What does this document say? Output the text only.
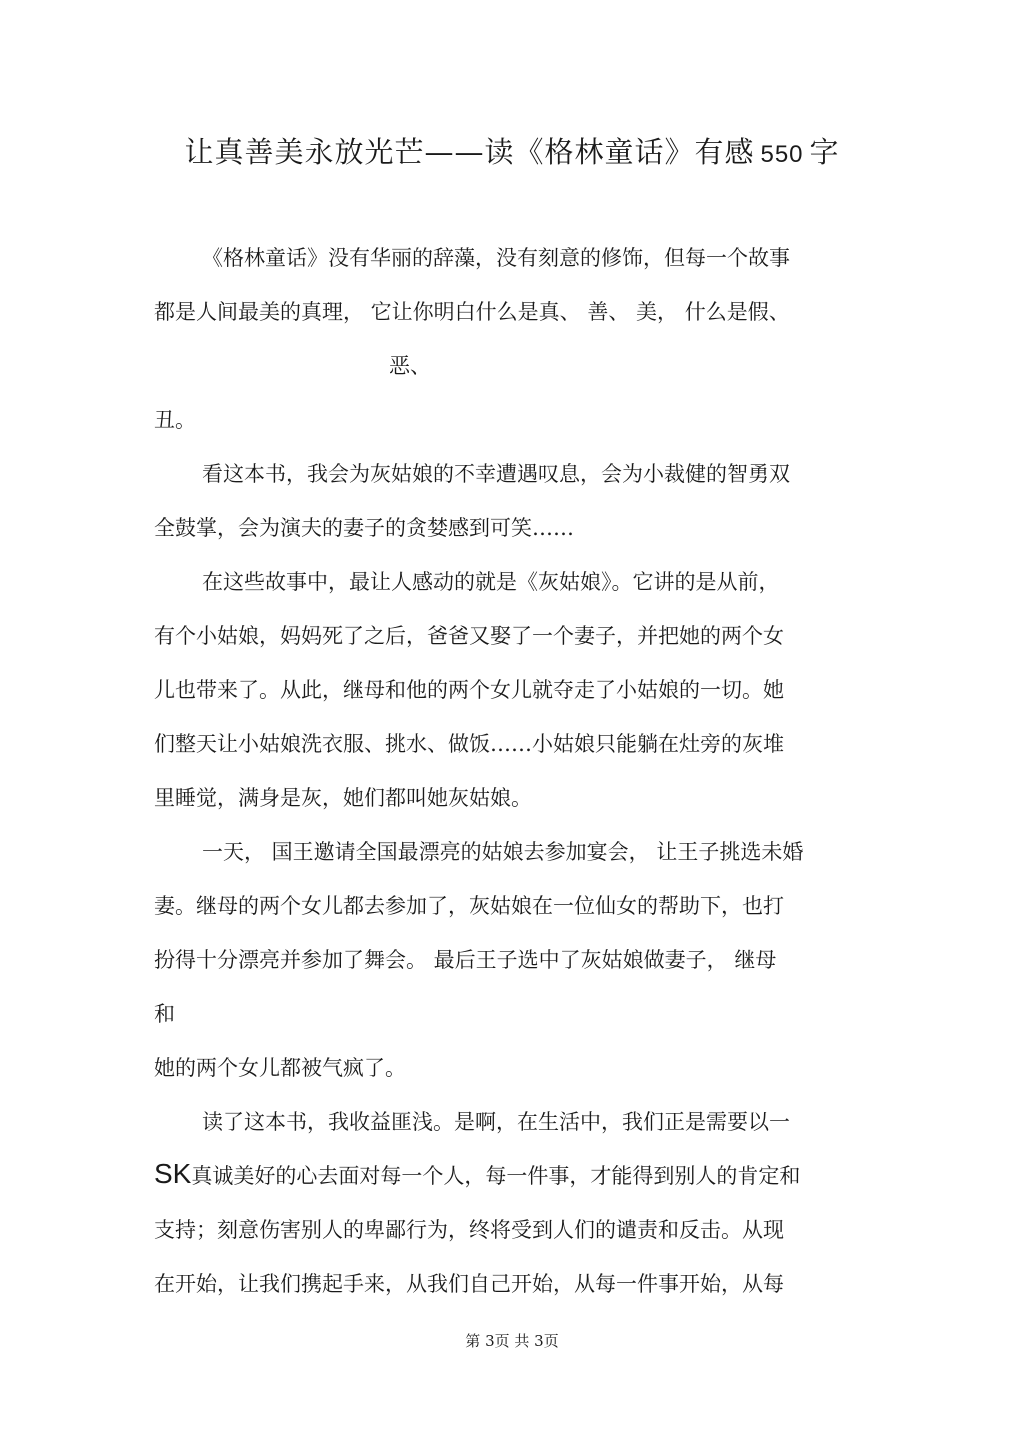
让真善美永放光芒——读《格林童话》有感 550 字
《格林童话》没有华丽的辞藻，没有刻意的修饰，但每一个故事
都是人间最美的真理， 它让你明白什么是真、 善、 美， 什么是假、
恶、
丑。
看这本书，我会为灰姑娘的不幸遭遇叹息，会为小裁健的智勇双
全鼓掌，会为演夫的妻子的贪婪感到可笑……
在这些故事中，最让人感动的就是《灰姑娘》。它讲的是从前，
有个小姑娘，妈妈死了之后，爸爸又娶了一个妻子，并把她的两个女
儿也带来了。从此，继母和他的两个女儿就夺走了小姑娘的一切。她
们整天让小姑娘洗衣服、挑水、做饭……小姑娘只能躺在灶旁的灰堆
里睡觉，满身是灰，她们都叫她灰姑娘。
一天， 国王邀请全国最漂亮的姑娘去参加宴会， 让王子挑选未婚
妻。继母的两个女儿都去参加了，灰姑娘在一位仙女的帮助下，也打
扮得十分漂亮并参加了舞会。 最后王子选中了灰姑娘做妻子， 继母
和
她的两个女儿都被气疯了。
读了这本书，我收益匪浅。是啊，在生活中，我们正是需要以一
SK真诚美好的心去面对每一个人，每一件事，才能得到别人的肯定和
支持；刻意伤害别人的卑鄙行为，终将受到人们的谴责和反击。从现
在开始，让我们携起手来，从我们自己开始，从每一件事开始，从每
第 3页 共 3页
